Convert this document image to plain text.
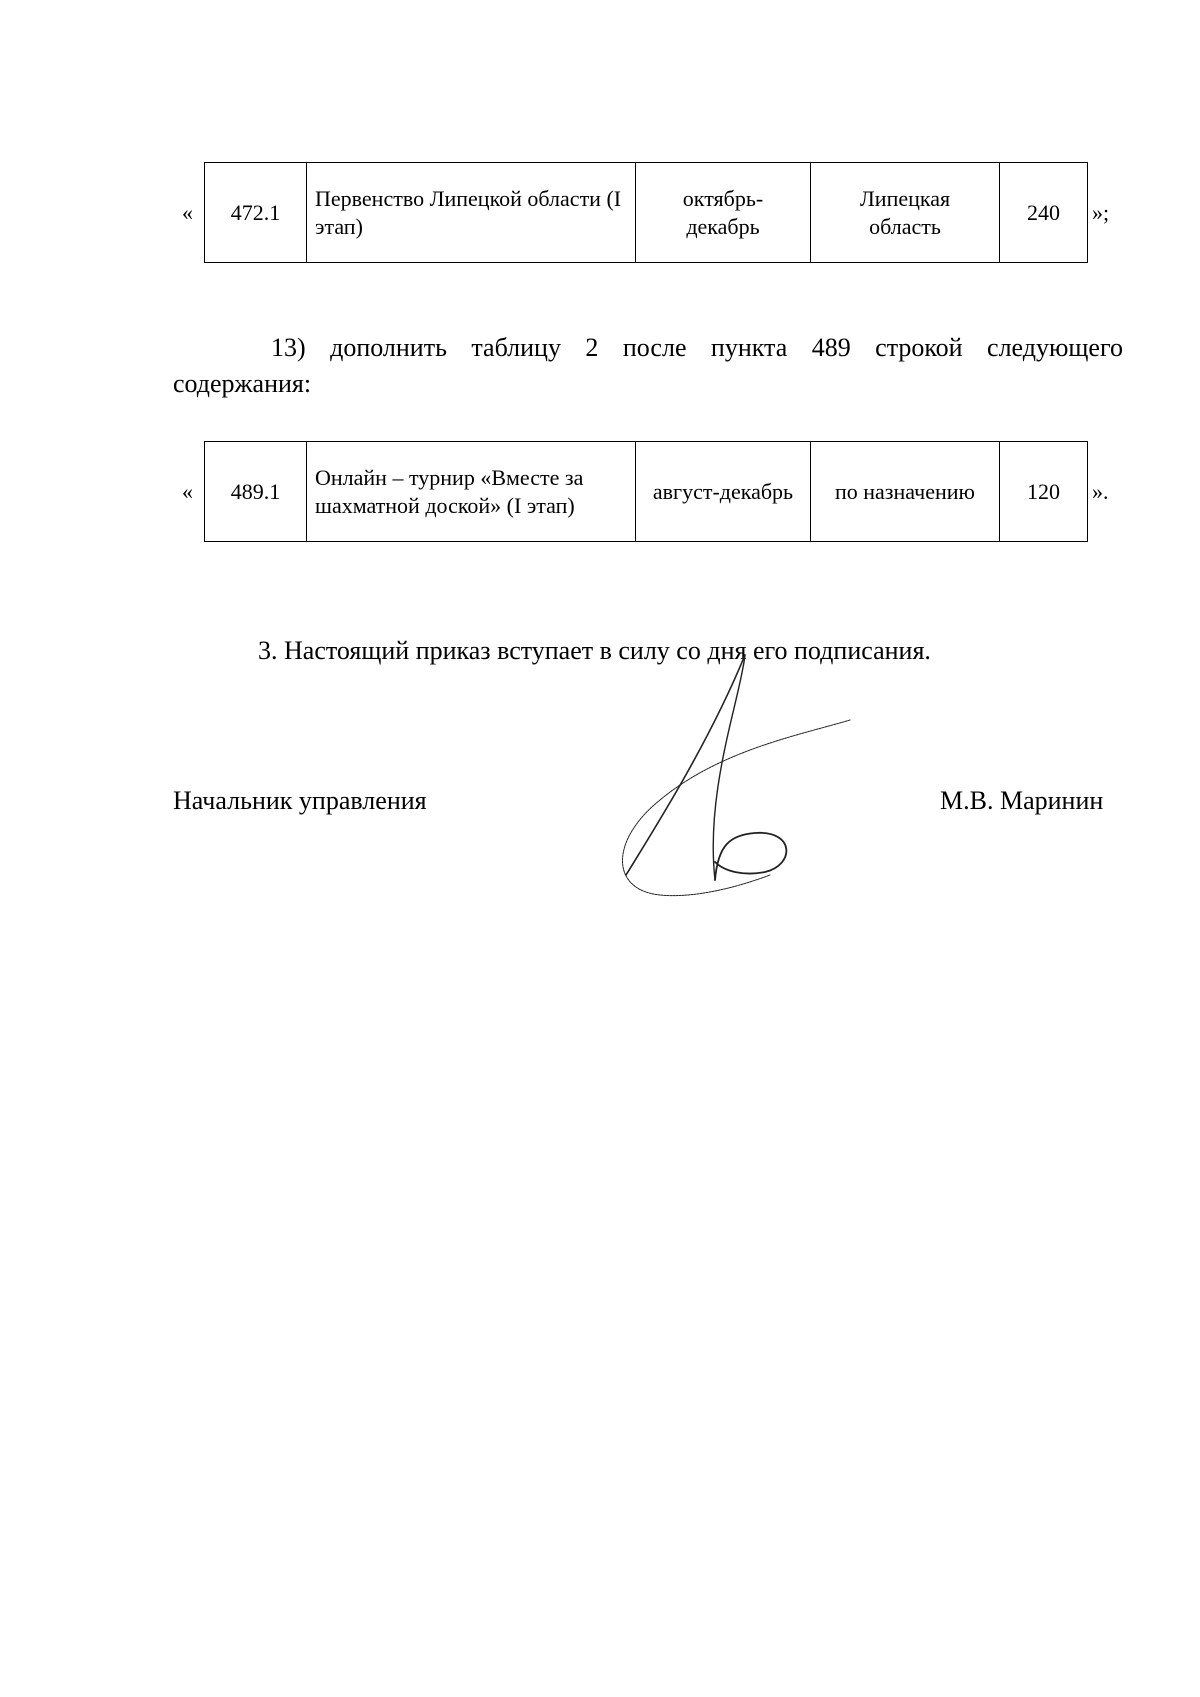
« 472.1	Первенство Липецкой области (I этап)	октябрь-декабрь	Липецкая область	240 »;
13) дополнить таблицу 2 после пункта 489 строкой следующего содержания:
« 489.1	Онлайн – турнир «Вместе за шахматной доской» (I этап)	август-декабрь	по назначению	120 ».
3. Настоящий приказ вступает в силу со дня его подписания.
Начальник управления	М.В. Маринин
